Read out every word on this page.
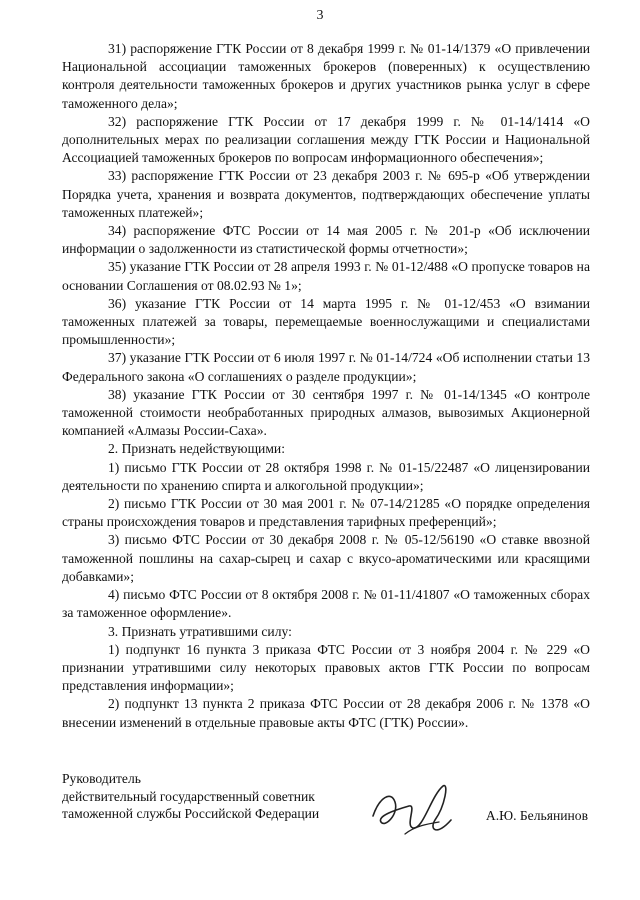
3

31) распоряжение ГТК России от 8 декабря 1999 г. № 01-14/1379 «О привлечении Национальной ассоциации таможенных брокеров (поверенных) к осуществлению контроля деятельности таможенных брокеров и других участников рынка услуг в сфере таможенного дела»;

32) распоряжение ГТК России от 17 декабря 1999 г. № 01-14/1414 «О дополнительных мерах по реализации соглашения между ГТК России и Национальной Ассоциацией таможенных брокеров по вопросам информационного обеспечения»;

33) распоряжение ГТК России от 23 декабря 2003 г. № 695-р «Об утверждении Порядка учета, хранения и возврата документов, подтверждающих обеспечение уплаты таможенных платежей»;

34) распоряжение ФТС России от 14 мая 2005 г. № 201-р «Об исключении информации о задолженности из статистической формы отчетности»;

35) указание ГТК России от 28 апреля 1993 г. № 01-12/488 «О пропуске товаров на основании Соглашения от 08.02.93 № 1»;

36) указание ГТК России от 14 марта 1995 г. № 01-12/453 «О взимании таможенных платежей за товары, перемещаемые военнослужащими и специалистами промышленности»;

37) указание ГТК России от 6 июля 1997 г. № 01-14/724 «Об исполнении статьи 13 Федерального закона «О соглашениях о разделе продукции»;

38) указание ГТК России от 30 сентября 1997 г. № 01-14/1345 «О контроле таможенной стоимости необработанных природных алмазов, вывозимых Акционерной компанией «Алмазы России-Саха».

2. Признать недействующими:

1) письмо ГТК России от 28 октября 1998 г. № 01-15/22487 «О лицензировании деятельности по хранению спирта и алкогольной продукции»;

2) письмо ГТК России от 30 мая 2001 г. № 07-14/21285 «О порядке определения страны происхождения товаров и представления тарифных преференций»;

3) письмо ФТС России от 30 декабря 2008 г. № 05-12/56190 «О ставке ввозной таможенной пошлины на сахар-сырец и сахар с вкусо-ароматическими или красящими добавками»;

4) письмо ФТС России от 8 октября 2008 г. № 01-11/41807 «О таможенных сборах за таможенное оформление».

3. Признать утратившими силу:

1) подпункт 16 пункта 3 приказа ФТС России от 3 ноября 2004 г. № 229 «О признании утратившими силу некоторых правовых актов ГТК России по вопросам представления информации»;

2) подпункт 13 пункта 2 приказа ФТС России от 28 декабря 2006 г. № 1378 «О внесении изменений в отдельные правовые акты ФТС (ГТК) России».

Руководитель
действительный государственный советник
таможенной службы Российской Федерации	А.Ю. Бельянинов
